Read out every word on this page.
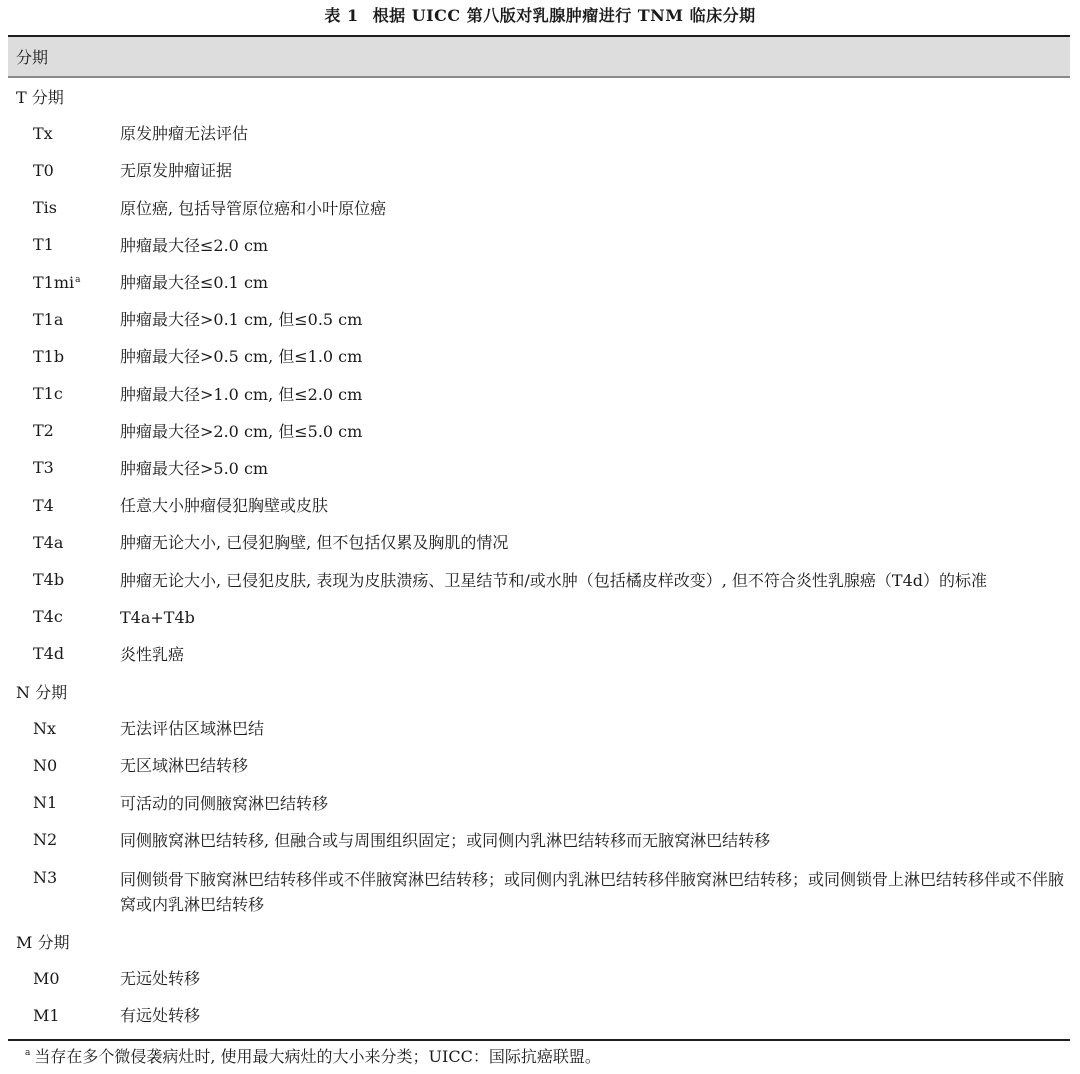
表 1 根据 UICC 第八版对乳腺肿瘤进行 TNM 临床分期
分期
T 分期
Tx	原发肿瘤无法评估
T0	无原发肿瘤证据
Tis	原位癌, 包括导管原位癌和小叶原位癌
T1	肿瘤最大径≤2.0 cm
$T1mi^a$	肿瘤最大径≤0.1 cm
T1a	肿瘤最大径>0.1 cm, 但≤0.5 cm
T1b	肿瘤最大径>0.5 cm, 但≤1.0 cm
T1c	肿瘤最大径>1.0 cm, 但≤2.0 cm
T2	肿瘤最大径>2.0 cm, 但≤5.0 cm
T3	肿瘤最大径>5.0 cm
T4	任意大小肿瘤侵犯胸壁或皮肤
T4a	肿瘤无论大小, 已侵犯胸壁, 但不包括仅累及胸肌的情况
T4b	肿瘤无论大小, 已侵犯皮肤, 表现为皮肤溃疡、卫星结节和/或水肿（包括橘皮样改变）, 但不符合炎性乳腺癌（T4d）的标准
T4c	T4a+T4b
T4d	炎性乳癌
N 分期
Nx	无法评估区域淋巴结
N0	无区域淋巴结转移
N1	可活动的同侧腋窝淋巴结转移
N2	同侧腋窝淋巴结转移, 但融合或与周围组织固定；或同侧内乳淋巴结转移而无腋窝淋巴结转移
N3	同侧锁骨下腋窝淋巴结转移伴或不伴腋窝淋巴结转移；或同侧内乳淋巴结转移伴腋窝淋巴结转移；或同侧锁骨上淋巴结转移伴或不伴腋窝或内乳淋巴结转移
M 分期
M0	无远处转移
M1	有远处转移
$^a$ 当存在多个微侵袭病灶时, 使用最大病灶的大小来分类；UICC：国际抗癌联盟。
